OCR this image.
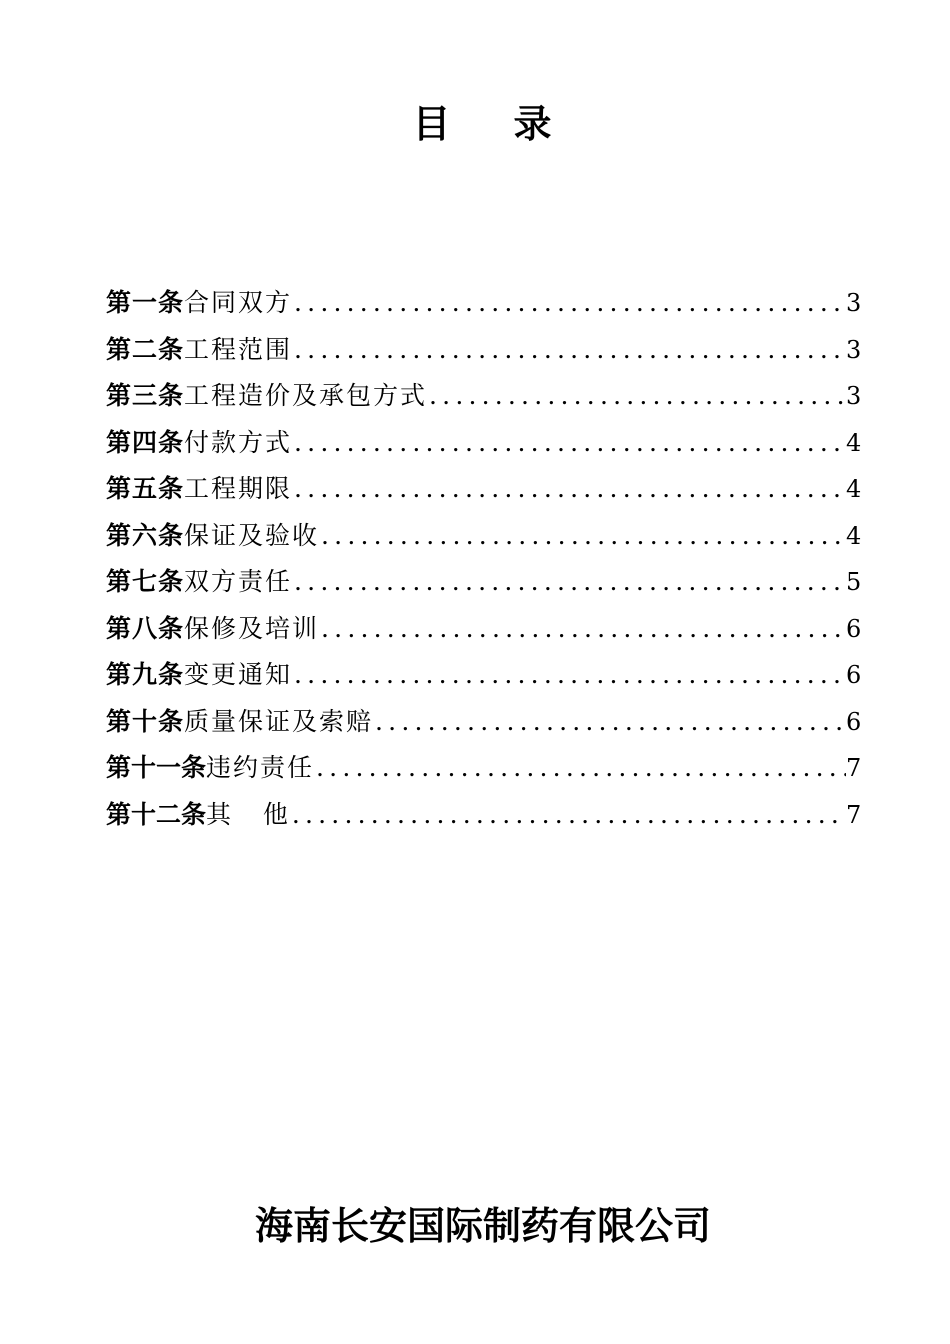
目    录
第一条 合同双方 .....	3
第二条 工程范围 .....	3
第三条 工程造价及承包方式 .....	3
第四条 付款方式 .....	4
第五条 工程期限 .....	4
第六条 保证及验收 .....	4
第七条 双方责任 .....	5
第八条 保修及培训 .....	6
第九条 变更通知 .....	6
第十条 质量保证及索赔 .....	6
第十一条 违约责任 .....	7
第十二条 其   他 .....	7
海南长安国际制药有限公司
